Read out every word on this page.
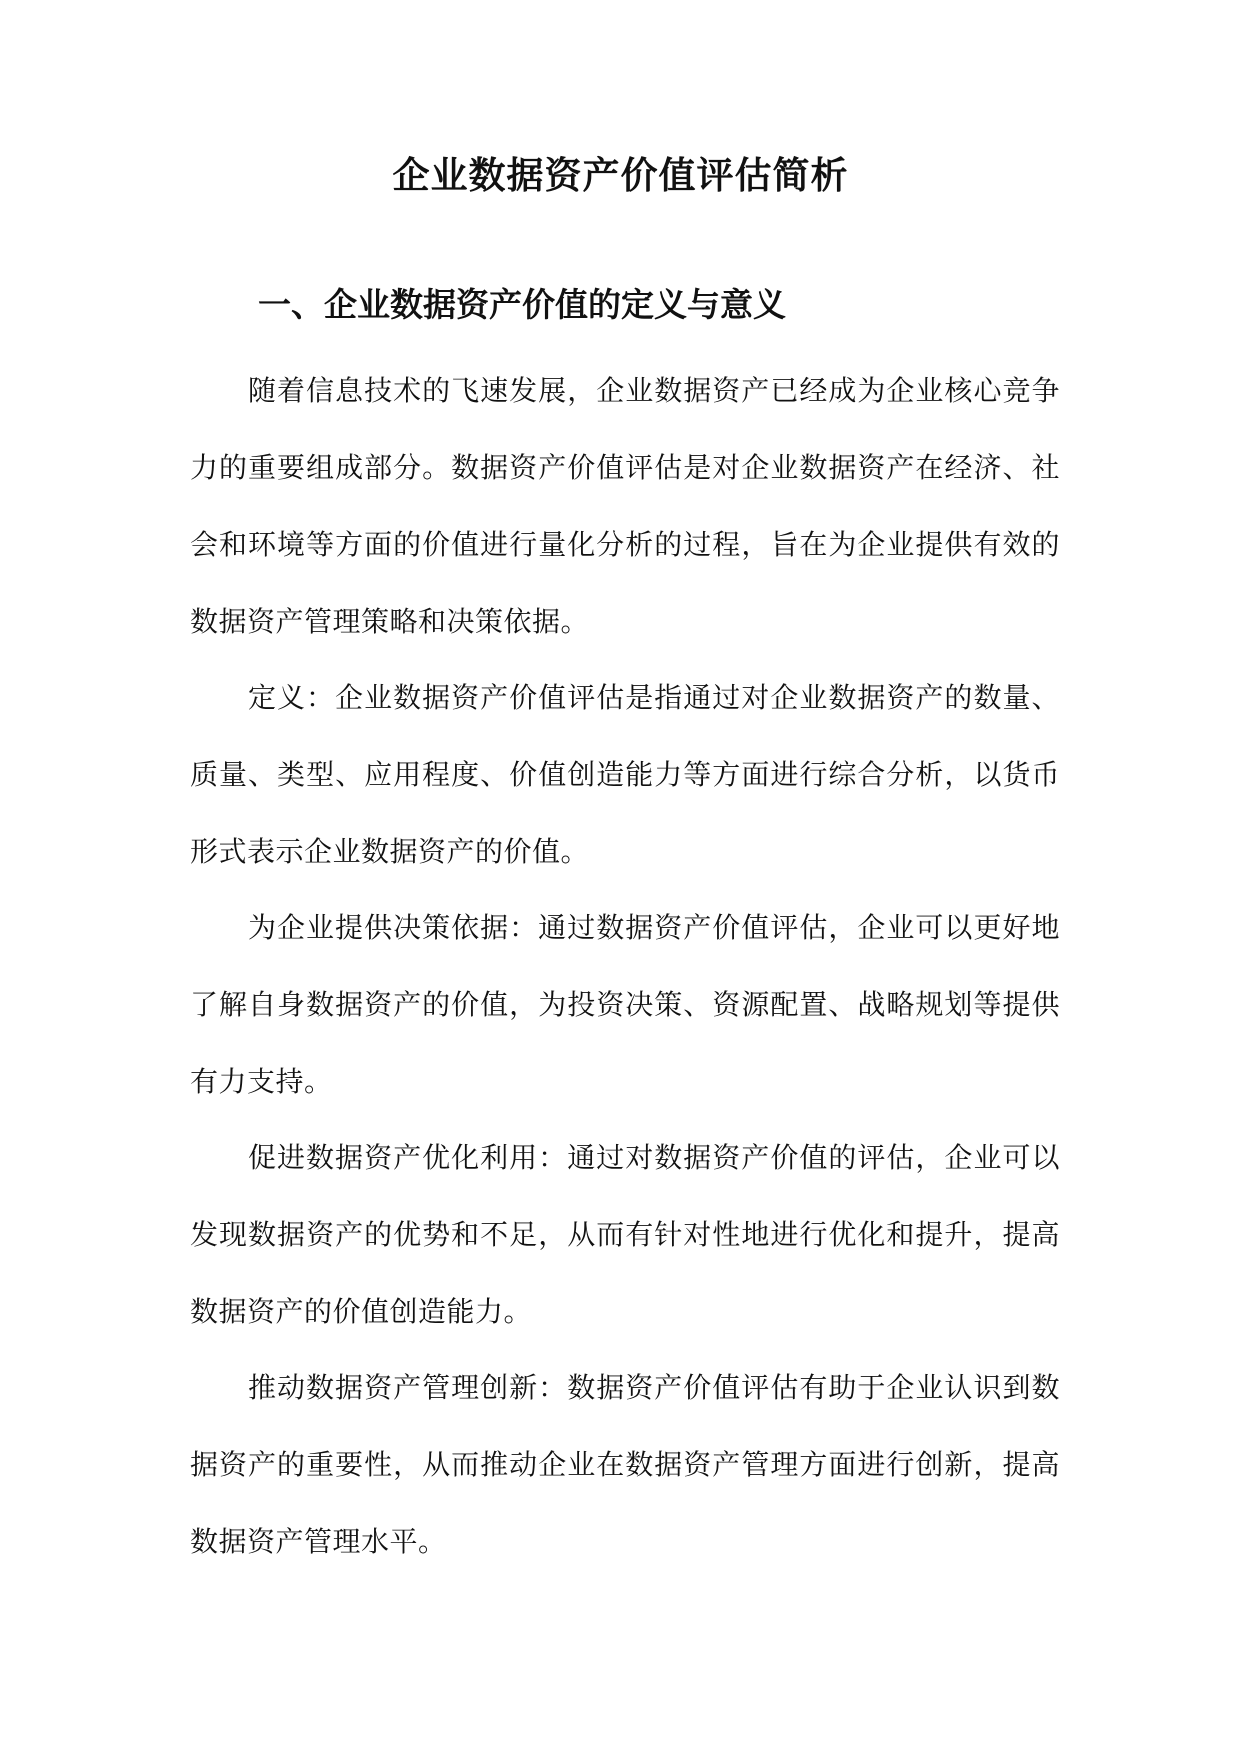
企业数据资产价值评估简析
一、企业数据资产价值的定义与意义

随着信息技术的飞速发展，企业数据资产已经成为企业核心竞争力的重要组成部分。数据资产价值评估是对企业数据资产在经济、社会和环境等方面的价值进行量化分析的过程，旨在为企业提供有效的数据资产管理策略和决策依据。

定义：企业数据资产价值评估是指通过对企业数据资产的数量、质量、类型、应用程度、价值创造能力等方面进行综合分析，以货币形式表示企业数据资产的价值。

为企业提供决策依据：通过数据资产价值评估，企业可以更好地了解自身数据资产的价值，为投资决策、资源配置、战略规划等提供有力支持。

促进数据资产优化利用：通过对数据资产价值的评估，企业可以发现数据资产的优势和不足，从而有针对性地进行优化和提升，提高数据资产的价值创造能力。

推动数据资产管理创新：数据资产价值评估有助于企业认识到数据资产的重要性，从而推动企业在数据资产管理方面进行创新，提高数据资产管理水平。
